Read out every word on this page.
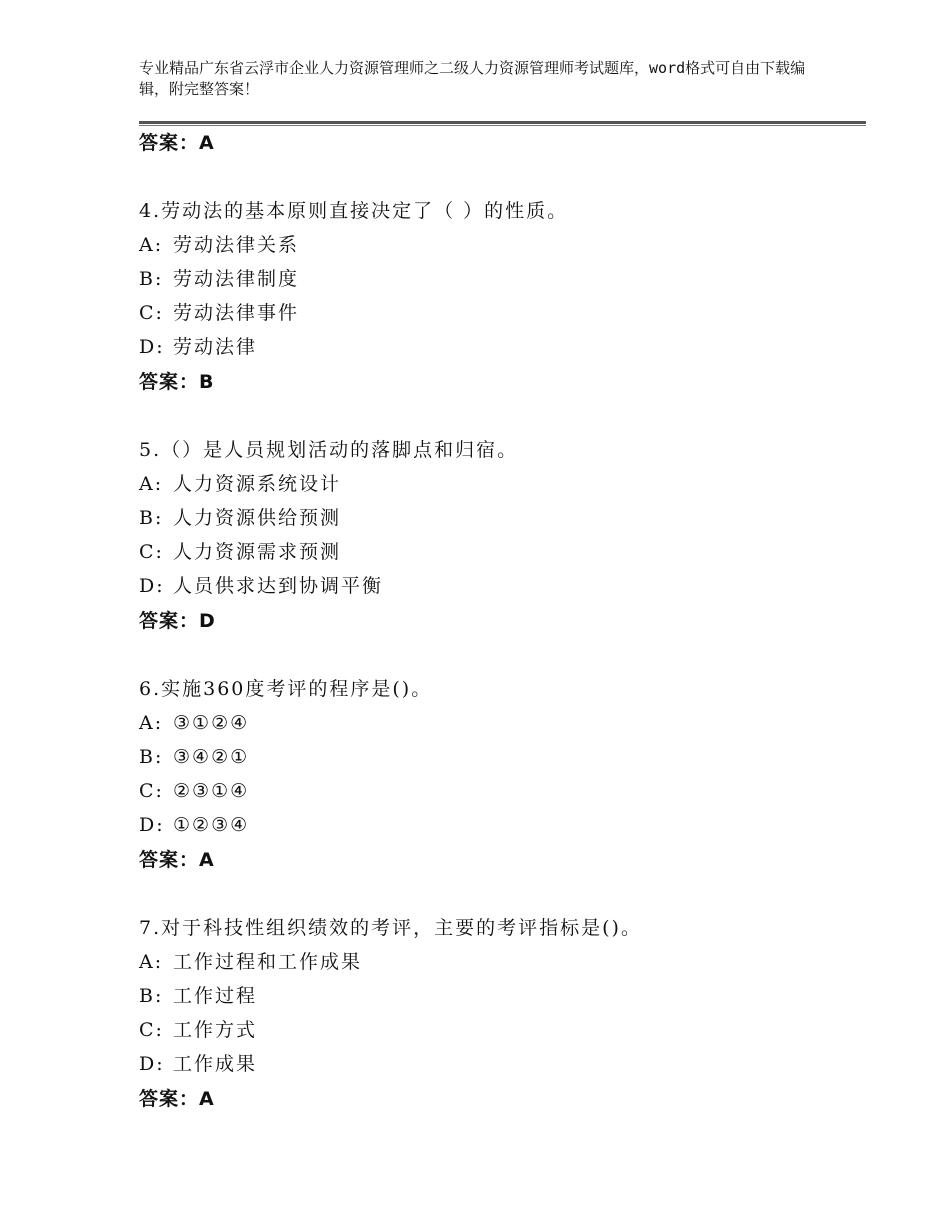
专业精品广东省云浮市企业人力资源管理师之二级人力资源管理师考试题库，word格式可自由下载编辑，附完整答案！
答案：A
4.劳动法的基本原则直接决定了（ ）的性质。
A: 劳动法律关系
B: 劳动法律制度
C: 劳动法律事件
D: 劳动法律
答案：B
5.（）是人员规划活动的落脚点和归宿。
A: 人力资源系统设计
B: 人力资源供给预测
C: 人力资源需求预测
D: 人员供求达到协调平衡
答案：D
6.实施360度考评的程序是()。
A: ③①②④
B: ③④②①
C: ②③①④
D: ①②③④
答案：A
7.对于科技性组织绩效的考评，主要的考评指标是()。
A: 工作过程和工作成果
B: 工作过程
C: 工作方式
D: 工作成果
答案：A
